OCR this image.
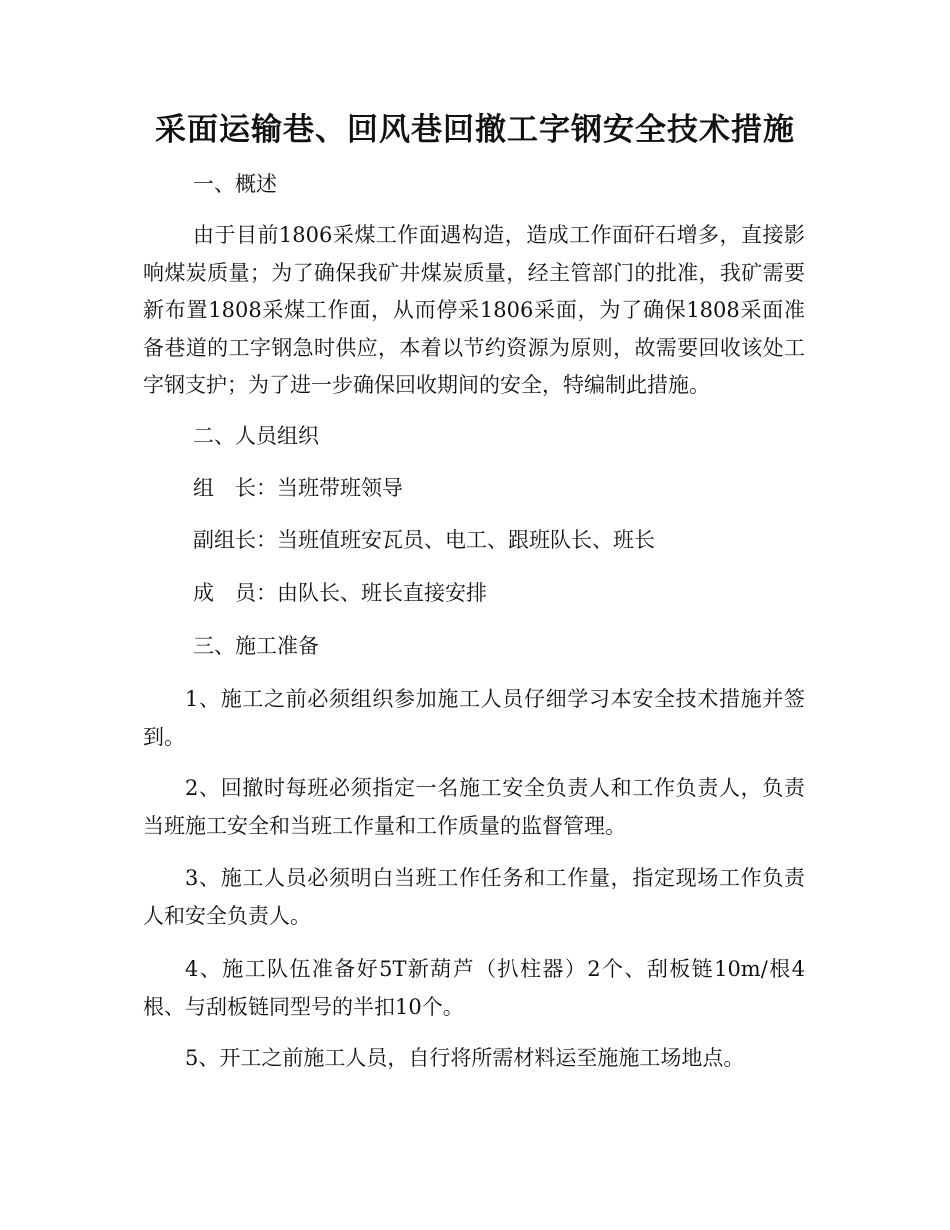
采面运输巷、回风巷回撤工字钢安全技术措施

一、概述

由于目前1806采煤工作面遇构造，造成工作面矸石增多，直接影响煤炭质量；为了确保我矿井煤炭质量，经主管部门的批准，我矿需要新布置1808采煤工作面，从而停采1806采面，为了确保1808采面准备巷道的工字钢急时供应，本着以节约资源为原则，故需要回收该处工字钢支护；为了进一步确保回收期间的安全，特编制此措施。

二、人员组织

组　长：当班带班领导

副组长：当班值班安瓦员、电工、跟班队长、班长

成　员：由队长、班长直接安排

三、施工准备

1、施工之前必须组织参加施工人员仔细学习本安全技术措施并签到。

2、回撤时每班必须指定一名施工安全负责人和工作负责人，负责当班施工安全和当班工作量和工作质量的监督管理。

3、施工人员必须明白当班工作任务和工作量，指定现场工作负责人和安全负责人。

4、施工队伍准备好5T新葫芦（扒柱器）2个、刮板链10m/根4根、与刮板链同型号的半扣10个。

5、开工之前施工人员，自行将所需材料运至施施工场地点。
